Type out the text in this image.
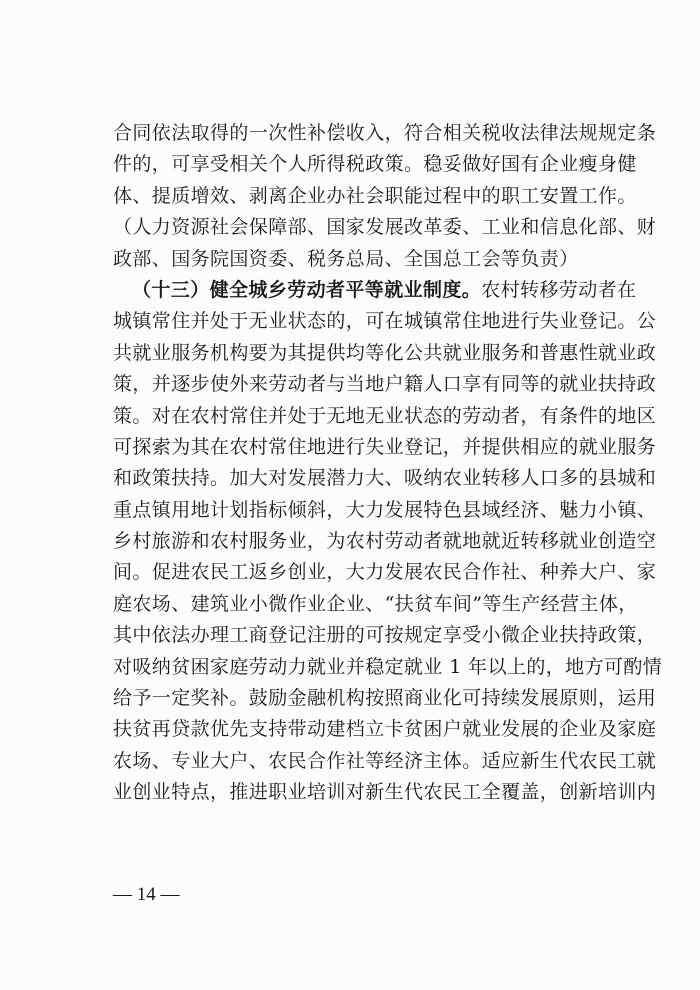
合同依法取得的一次性补偿收入，符合相关税收法律法规规定条
件的，可享受相关个人所得税政策。稳妥做好国有企业瘦身健
体、提质增效、剥离企业办社会职能过程中的职工安置工作。
（人力资源社会保障部、国家发展改革委、工业和信息化部、财
政部、国务院国资委、税务总局、全国总工会等负责）
（十三）健全城乡劳动者平等就业制度。农村转移劳动者在
城镇常住并处于无业状态的，可在城镇常住地进行失业登记。公
共就业服务机构要为其提供均等化公共就业服务和普惠性就业政
策，并逐步使外来劳动者与当地户籍人口享有同等的就业扶持政
策。对在农村常住并处于无地无业状态的劳动者，有条件的地区
可探索为其在农村常住地进行失业登记，并提供相应的就业服务
和政策扶持。加大对发展潜力大、吸纳农业转移人口多的县城和
重点镇用地计划指标倾斜，大力发展特色县域经济、魅力小镇、
乡村旅游和农村服务业，为农村劳动者就地就近转移就业创造空
间。促进农民工返乡创业，大力发展农民合作社、种养大户、家
庭农场、建筑业小微作业企业、“扶贫车间”等生产经营主体，
其中依法办理工商登记注册的可按规定享受小微企业扶持政策，
对吸纳贫困家庭劳动力就业并稳定就业 1 年以上的，地方可酌情
给予一定奖补。鼓励金融机构按照商业化可持续发展原则，运用
扶贫再贷款优先支持带动建档立卡贫困户就业发展的企业及家庭
农场、专业大户、农民合作社等经济主体。适应新生代农民工就
业创业特点，推进职业培训对新生代农民工全覆盖，创新培训内
— 14 —
